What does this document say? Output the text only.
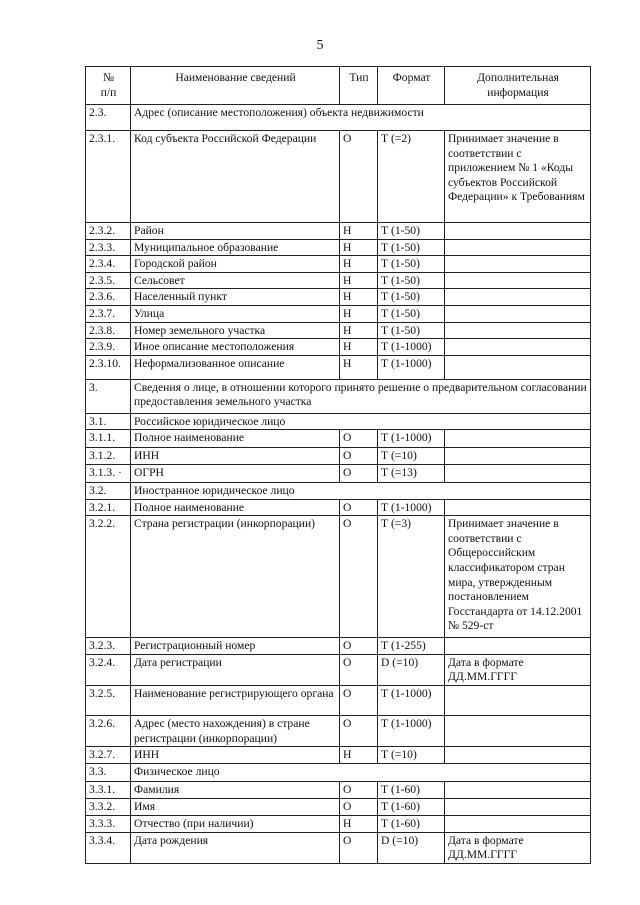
5
№
п/п	Наименование сведений	Тип	Формат	Дополнительная информация
2.3.	Адрес (описание местоположения) объекта недвижимости			
2.3.1.	Код субъекта Российской Федерации	О	Т (=2)	Принимает значение в соответствии с приложением № 1 «Коды субъектов Российской Федерации» к Требованиям
2.3.2.	Район	Н	Т (1-50)	
2.3.3.	Муниципальное образование	Н	Т (1-50)	
2.3.4.	Городской район	Н	Т (1-50)	
2.3.5.	Сельсовет	Н	Т (1-50)	
2.3.6.	Населенный пункт	Н	Т (1-50)	
2.3.7.	Улица	Н	Т (1-50)	
2.3.8.	Номер земельного участка	Н	Т (1-50)	
2.3.9.	Иное описание местоположения	Н	Т (1-1000)	
2.3.10.	Неформализованное описание	Н	Т (1-1000)	
3.	Сведения о лице, в отношении которого принято решение о предварительном согласовании предоставления земельного участка			
3.1.	Российское юридическое лицо			
3.1.1.	Полное наименование	О	Т (1-1000)	
3.1.2.	ИНН	О	Т (=10)	
3.1.3. ·	ОГРН	О	Т (=13)	
3.2.	Иностранное юридическое лицо			
3.2.1.	Полное наименование	О	Т (1-1000)	
3.2.2.	Страна регистрации (инкорпорации)	О	Т (=3)	Принимает значение в соответствии с Общероссийским классификатором стран мира, утвержденным постановлением Госстандарта от 14.12.2001 № 529-ст
3.2.3.	Регистрационный номер	О	Т (1-255)	
3.2.4.	Дата регистрации	О	D (=10)	Дата в формате ДД.ММ.ГГГГ
3.2.5.	Наименование регистрирующего органа	О	Т (1-1000)	
3.2.6.	Адрес (место нахождения) в стране регистрации (инкорпорации)	О	Т (1-1000)	
3.2.7.	ИНН	Н	Т (=10)	
3.3.	Физическое лицо			
3.3.1.	Фамилия	О	Т (1-60)	
3.3.2.	Имя	О	Т (1-60)	
3.3.3.	Отчество (при наличии)	Н	Т (1-60)	
3.3.4.	Дата рождения	О	D (=10)	Дата в формате ДД.ММ.ГГГГ
